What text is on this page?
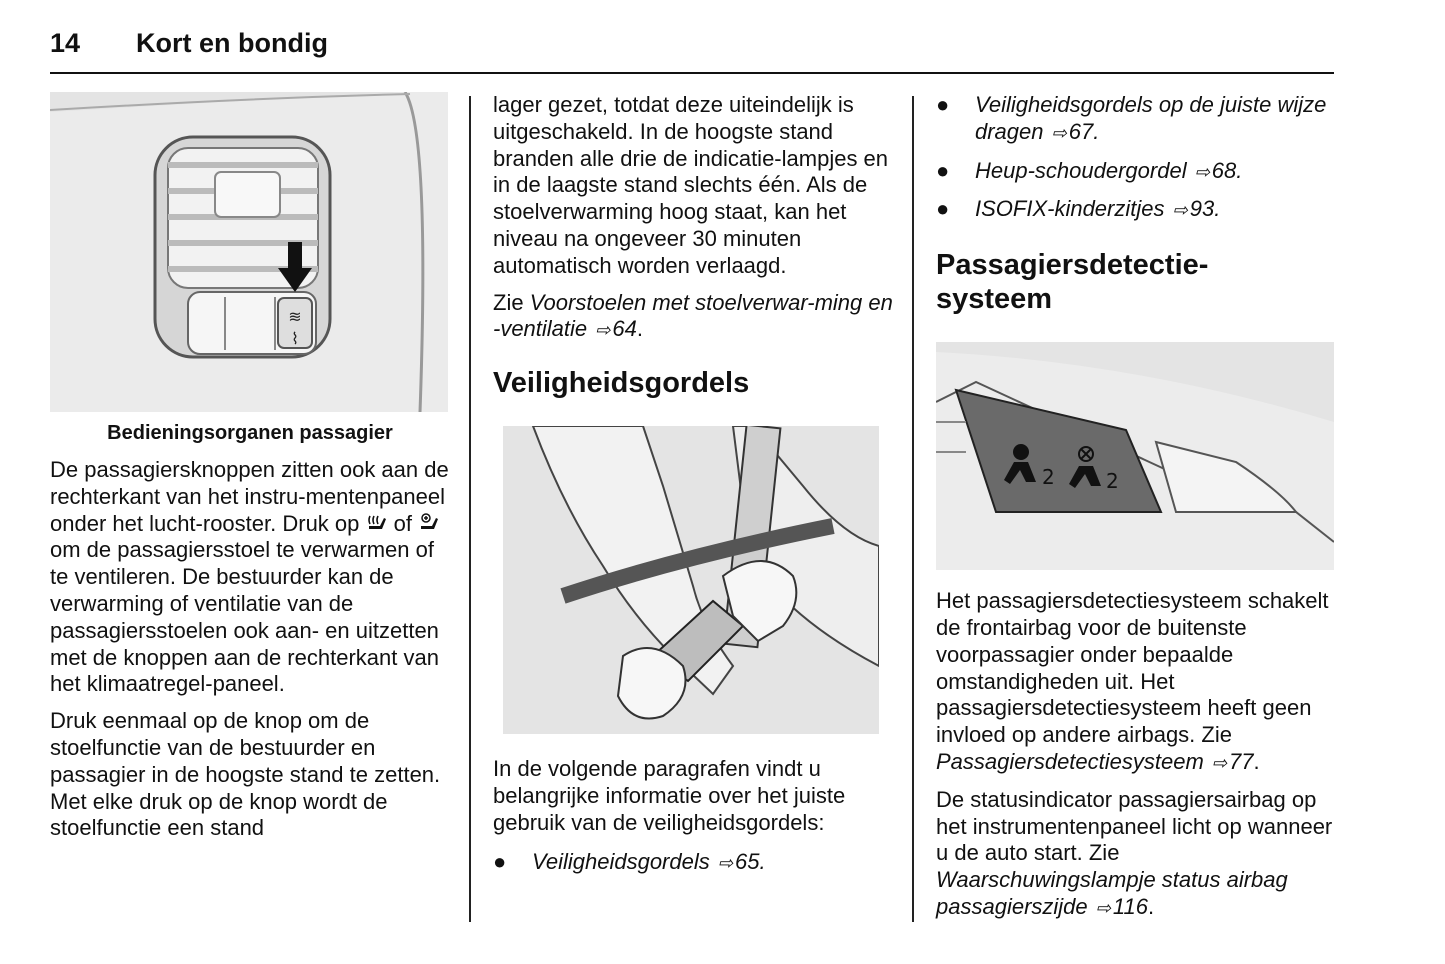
14 Kort en bondig
≋
⌇
Bedieningsorganen passagier

De passagiersknoppen zitten ook aan de rechterkant van het instru-mentenpaneel onder het lucht-rooster. Druk op of  om de passagiersstoel te verwarmen of te ventileren. De bestuurder kan de verwarming of ventilatie van de passagiersstoelen ook aan- en uitzetten met de knoppen aan de rechterkant van het klimaatregel-paneel.

Druk eenmaal op de knop om de stoelfunctie van de bestuurder en passagier in de hoogste stand te zetten. Met elke druk op de knop wordt de stoelfunctie een stand

lager gezet, totdat deze uiteindelijk is uitgeschakeld. In de hoogste stand branden alle drie de indicatie-lampjes en in de laagste stand slechts één. Als de stoelverwarming hoog staat, kan het niveau na ongeveer 30 minuten automatisch worden verlaagd.

Zie Voorstoelen met stoelverwar-ming en -ventilatie ⇨64.

Veiligheidsgordels

In de volgende paragrafen vindt u belangrijke informatie over het juiste gebruik van de veiligheidsgordels:

● Veiligheidsgordels ⇨65.
● Veiligheidsgordels op de juiste wijze dragen ⇨67.
● Heup-schoudergordel ⇨68.
● ISOFIX-kinderzitjes ⇨93.
Passagiersdetectie-systeem
2	2

Het passagiersdetectiesysteem schakelt de frontairbag voor de buitenste voorpassagier onder bepaalde omstandigheden uit. Het passagiersdetectiesysteem heeft geen invloed op andere airbags. Zie Passagiersdetectiesysteem ⇨77.

De statusindicator passagiersairbag op het instrumentenpaneel licht op wanneer u de auto start. Zie Waarschuwingslampje status airbag passagierszijde ⇨116.
